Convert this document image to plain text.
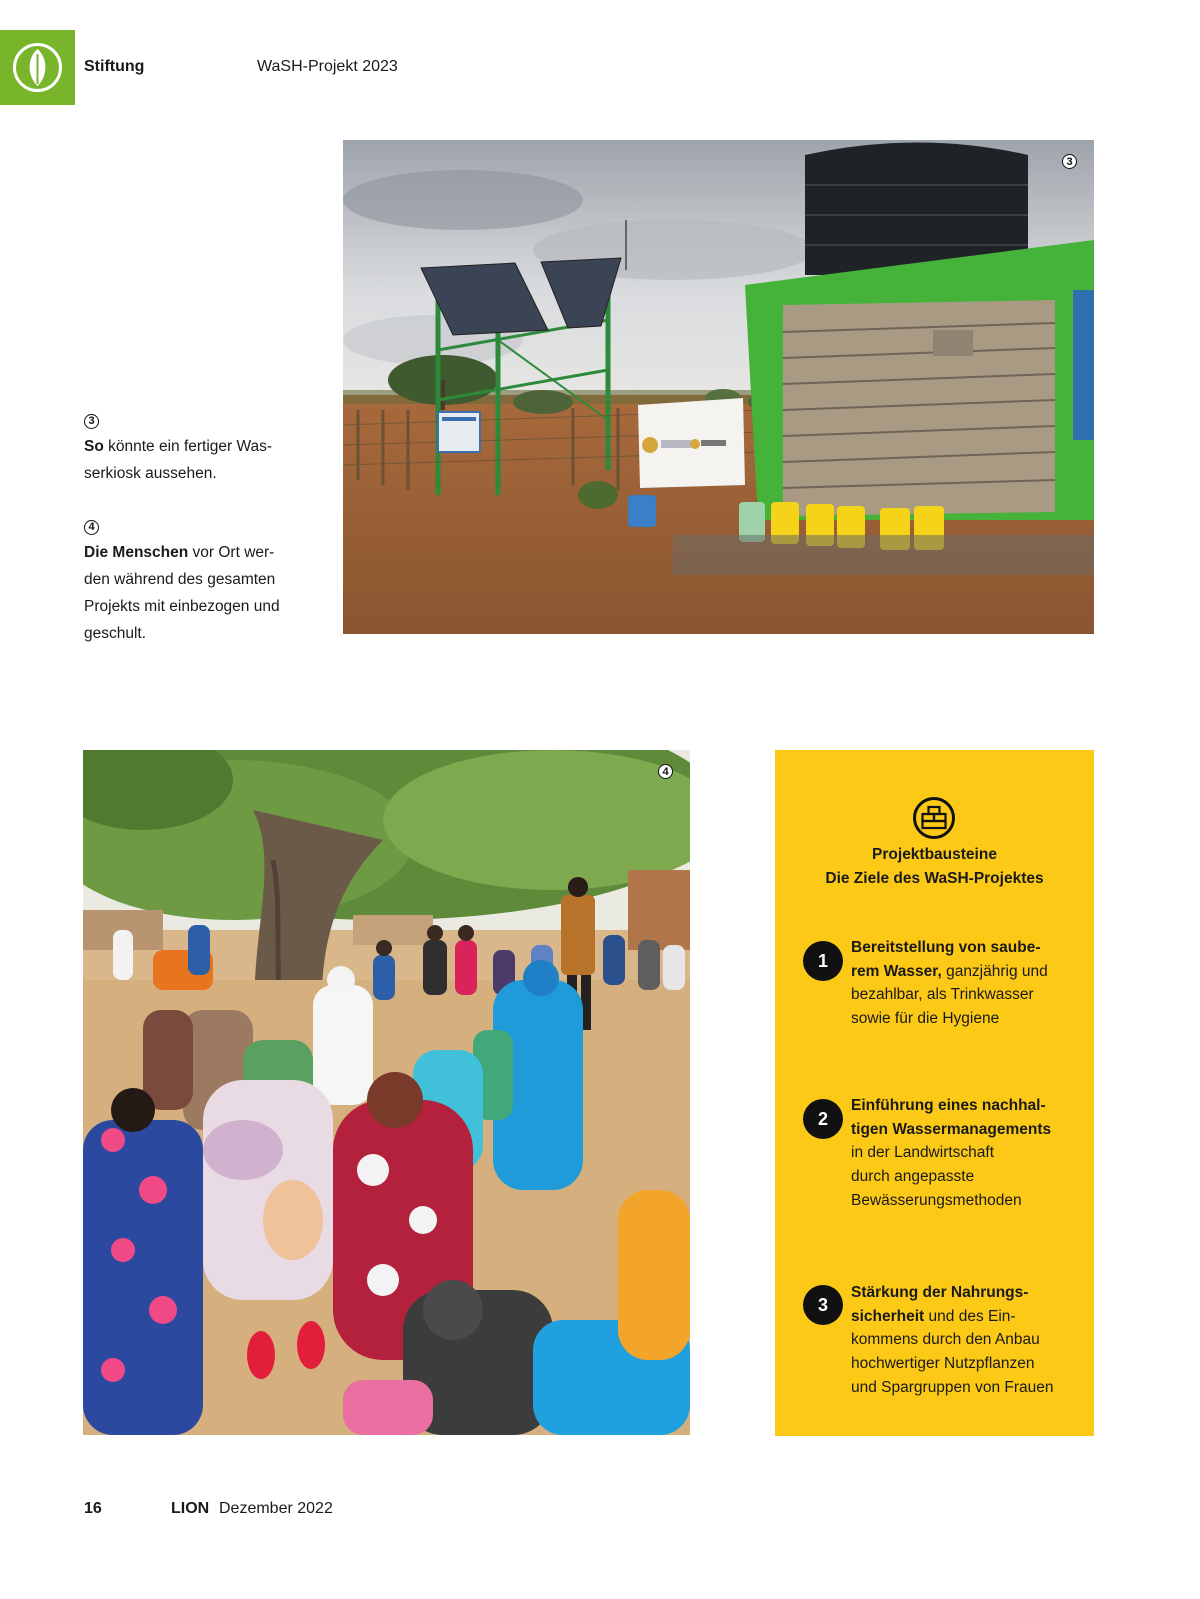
Stiftung	WaSH-Projekt 2023
3
3
So könnte ein fertiger Was-
serkiosk aussehen.
4
Die Menschen vor Ort wer-
den während des gesamten
Projekts mit einbezogen und
geschult.
4
Projektbausteine
Die Ziele des WaSH-Projektes
1
Bereitstellung von saube-
rem Wasser, ganzjährig und
bezahlbar, als Trinkwasser
sowie für die Hygiene
2
Einführung eines nachhal-
tigen Wassermanagements
in der Landwirtschaft
durch angepasste
Bewässerungsmethoden
3
Stärkung der Nahrungs-
sicherheit und des Ein-
kommens durch den Anbau
hochwertiger Nutzpflanzen
und Spargruppen von Frauen
16	LION Dezember 2022
